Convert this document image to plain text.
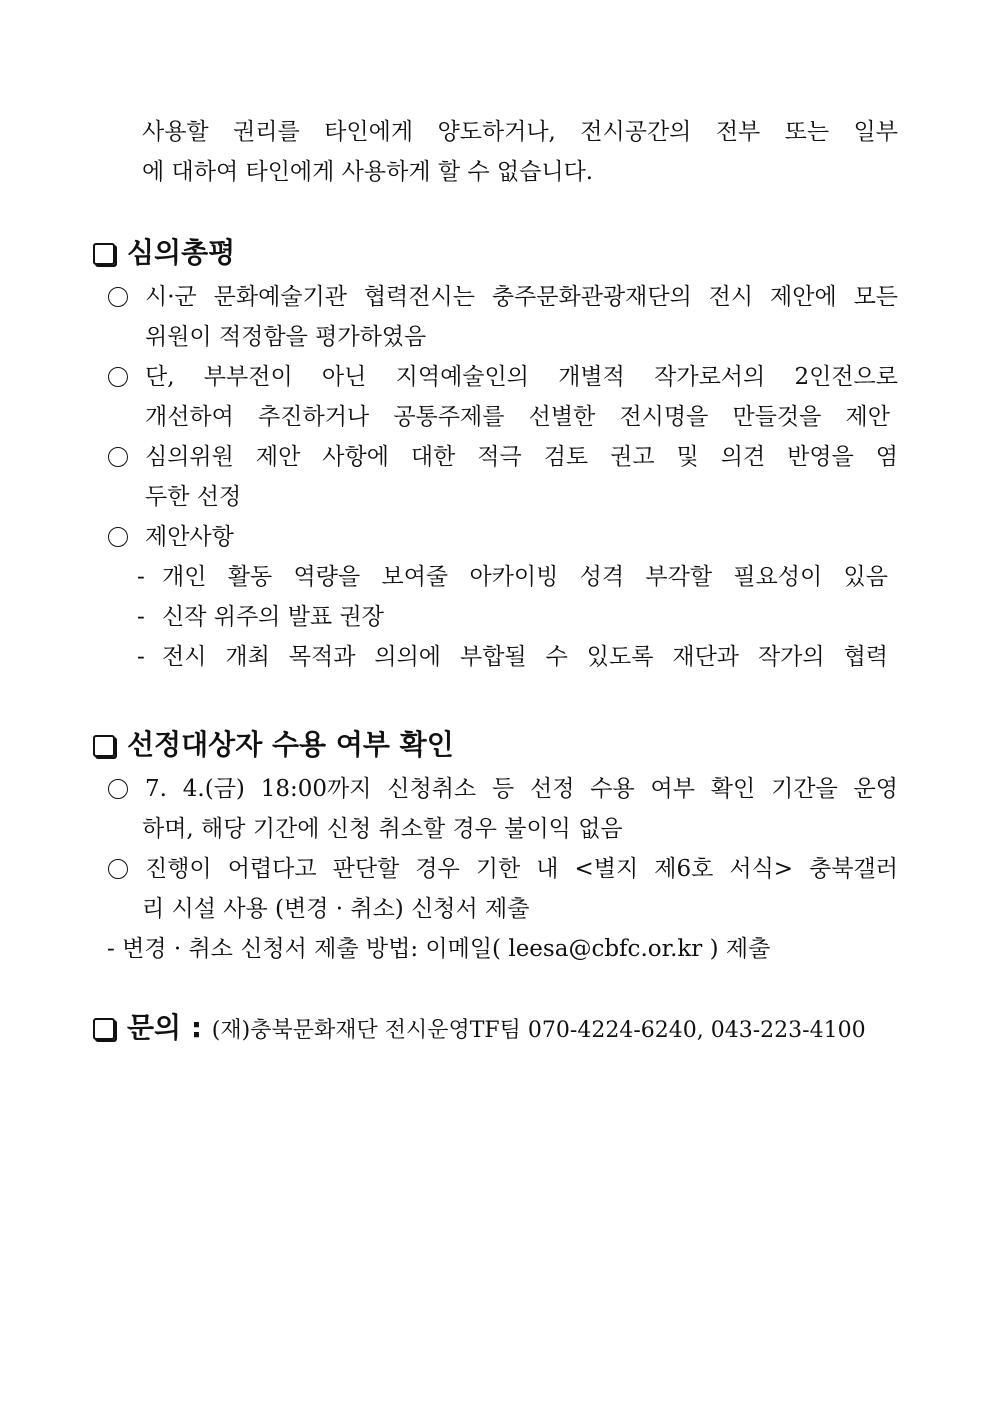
사용할 권리를 타인에게 양도하거나, 전시공간의 전부 또는 일부
에 대하여 타인에게 사용하게 할 수 없습니다.
심의총평
시·군 문화예술기관 협력전시는 충주문화관광재단의 전시 제안에 모든
위원이 적정함을 평가하였음
단, 부부전이 아닌 지역예술인의 개별적 작가로서의 2인전으로
개선하여 추진하거나 공통주제를 선별한 전시명을 만들것을 제안
심의위원 제안 사항에 대한 적극 검토 권고 및 의견 반영을 염
두한 선정
제안사항
- 개인 활동 역량을 보여줄 아카이빙 성격 부각할 필요성이 있음
- 신작 위주의 발표 권장
- 전시 개최 목적과 의의에 부합될 수 있도록 재단과 작가의 협력
선정대상자 수용 여부 확인
7. 4.(금) 18:00까지 신청취소 등 선정 수용 여부 확인 기간을 운영
하며, 해당 기간에 신청 취소할 경우 불이익 없음
진행이 어렵다고 판단할 경우 기한 내 <별지 제6호 서식> 충북갤러
리 시설 사용 (변경 · 취소) 신청서 제출
- 변경 · 취소 신청서 제출 방법: 이메일( leesa@cbfc.or.kr ) 제출
문의 : (재)충북문화재단 전시운영TF팀 070-4224-6240, 043-223-4100
